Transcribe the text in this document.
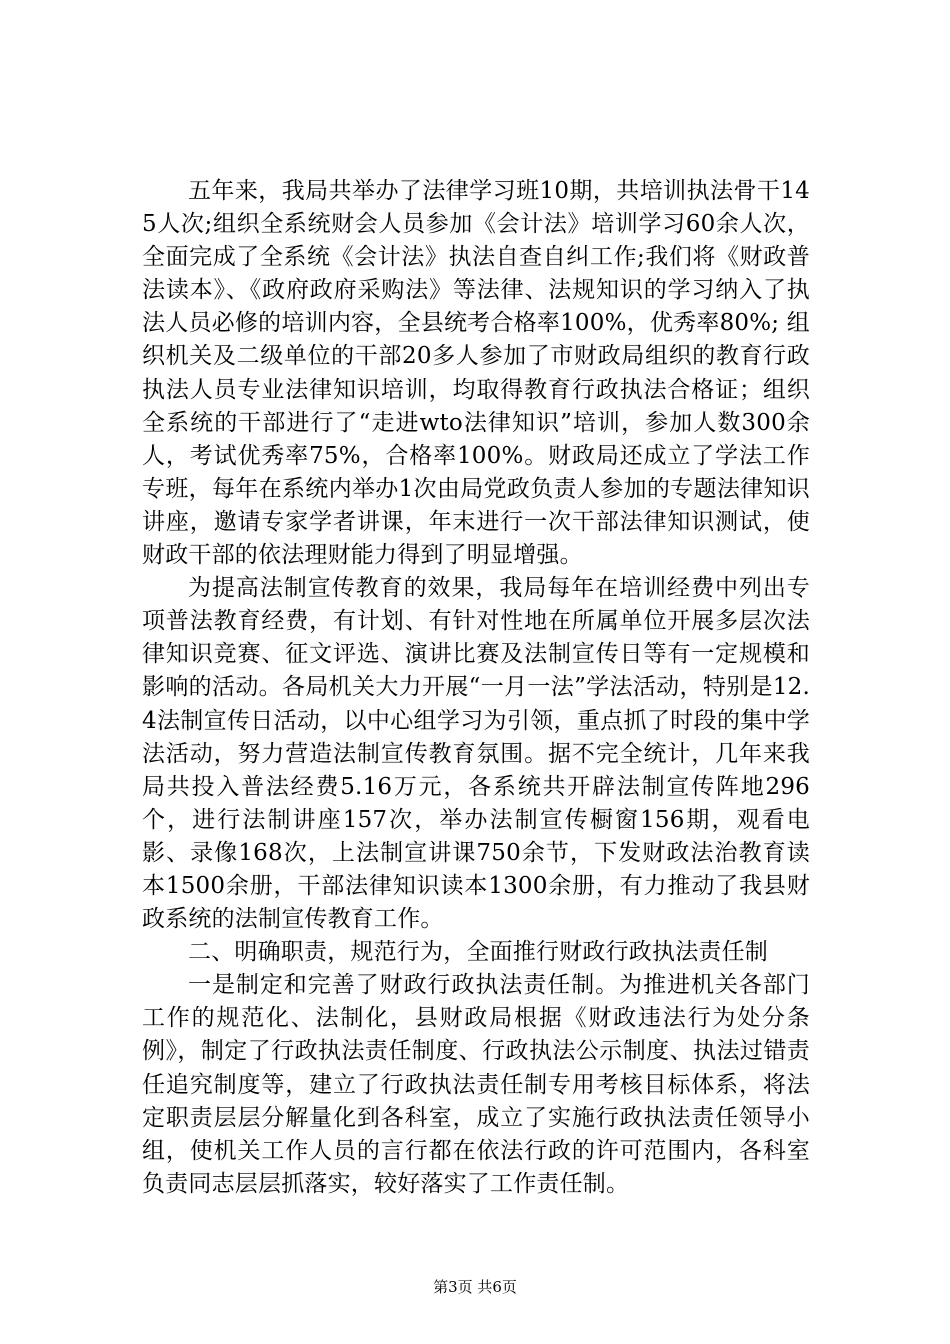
五年来，我局共举办了法律学习班10期，共培训执法骨干145人次;组织全系统财会人员参加《会计法》培训学习60余人次，全面完成了全系统《会计法》执法自查自纠工作;我们将《财政普法读本》、《政府政府采购法》等法律、法规知识的学习纳入了执法人员必修的培训内容，全县统考合格率100%，优秀率80%; 组织机关及二级单位的干部20多人参加了市财政局组织的教育行政执法人员专业法律知识培训，均取得教育行政执法合格证；组织全系统的干部进行了“走进wto法律知识”培训，参加人数300余人，考试优秀率75%，合格率100%。财政局还成立了学法工作专班，每年在系统内举办1次由局党政负责人参加的专题法律知识讲座，邀请专家学者讲课，年末进行一次干部法律知识测试，使财政干部的依法理财能力得到了明显增强。

为提高法制宣传教育的效果，我局每年在培训经费中列出专项普法教育经费，有计划、有针对性地在所属单位开展多层次法律知识竞赛、征文评选、演讲比赛及法制宣传日等有一定规模和影响的活动。各局机关大力开展“一月一法”学法活动，特别是12.4法制宣传日活动，以中心组学习为引领，重点抓了时段的集中学法活动，努力营造法制宣传教育氛围。据不完全统计，几年来我局共投入普法经费5.16万元，各系统共开辟法制宣传阵地296个，进行法制讲座157次，举办法制宣传橱窗156期，观看电影、录像168次，上法制宣讲课750余节，下发财政法治教育读本1500余册，干部法律知识读本1300余册，有力推动了我县财政系统的法制宣传教育工作。

二、明确职责，规范行为，全面推行财政行政执法责任制

一是制定和完善了财政行政执法责任制。为推进机关各部门工作的规范化、法制化，县财政局根据《财政违法行为处分条例》，制定了行政执法责任制度、行政执法公示制度、执法过错责任追究制度等，建立了行政执法责任制专用考核目标体系，将法定职责层层分解量化到各科室，成立了实施行政执法责任领导小组，使机关工作人员的言行都在依法行政的许可范围内，各科室负责同志层层抓落实，较好落实了工作责任制。

第3页 共6页
